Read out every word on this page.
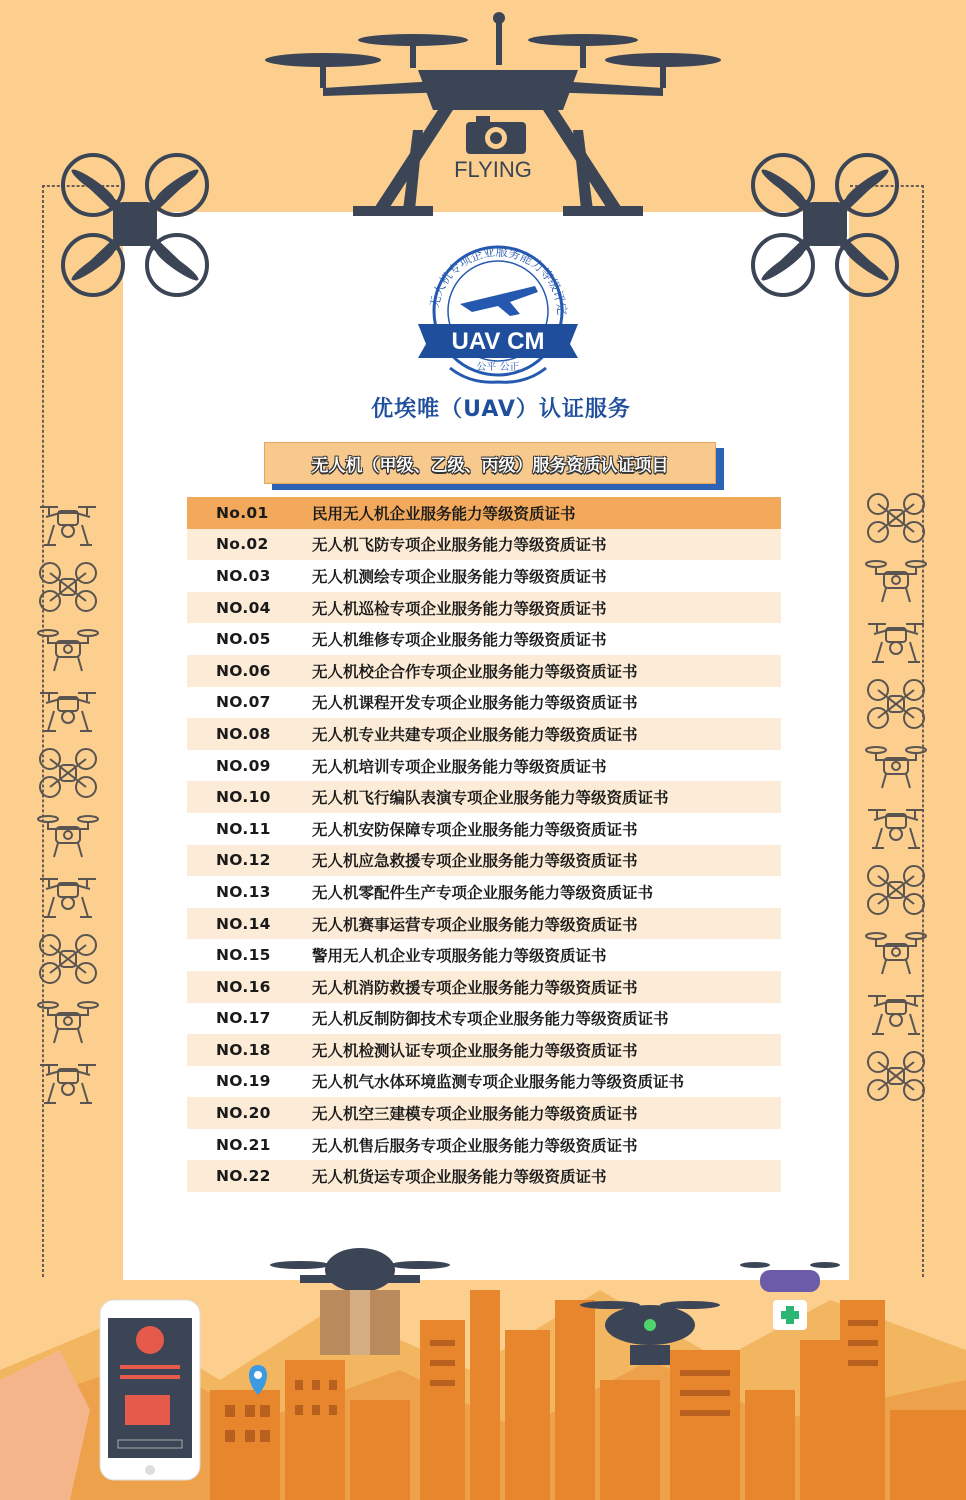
FLYING
无人机专项企业服务能力等级评定
UAV CM
公平 公正
优埃唯（UAV）认证服务
无人机（甲级、乙级、丙级）服务资质认证项目
No.01	民用无人机企业服务能力等级资质证书
No.02	无人机飞防专项企业服务能力等级资质证书
NO.03	无人机测绘专项企业服务能力等级资质证书
NO.04	无人机巡检专项企业服务能力等级资质证书
NO.05	无人机维修专项企业服务能力等级资质证书
NO.06	无人机校企合作专项企业服务能力等级资质证书
NO.07	无人机课程开发专项企业服务能力等级资质证书
NO.08	无人机专业共建专项企业服务能力等级资质证书
NO.09	无人机培训专项企业服务能力等级资质证书
NO.10	无人机飞行编队表演专项企业服务能力等级资质证书
NO.11	无人机安防保障专项企业服务能力等级资质证书
NO.12	无人机应急救援专项企业服务能力等级资质证书
NO.13	无人机零配件生产专项企业服务能力等级资质证书
NO.14	无人机赛事运营专项企业服务能力等级资质证书
NO.15	警用无人机企业专项服务能力等级资质证书
NO.16	无人机消防救援专项企业服务能力等级资质证书
NO.17	无人机反制防御技术专项企业服务能力等级资质证书
NO.18	无人机检测认证专项企业服务能力等级资质证书
NO.19	无人机气水体环境监测专项企业服务能力等级资质证书
NO.20	无人机空三建模专项企业服务能力等级资质证书
NO.21	无人机售后服务专项企业服务能力等级资质证书
NO.22	无人机货运专项企业服务能力等级资质证书
